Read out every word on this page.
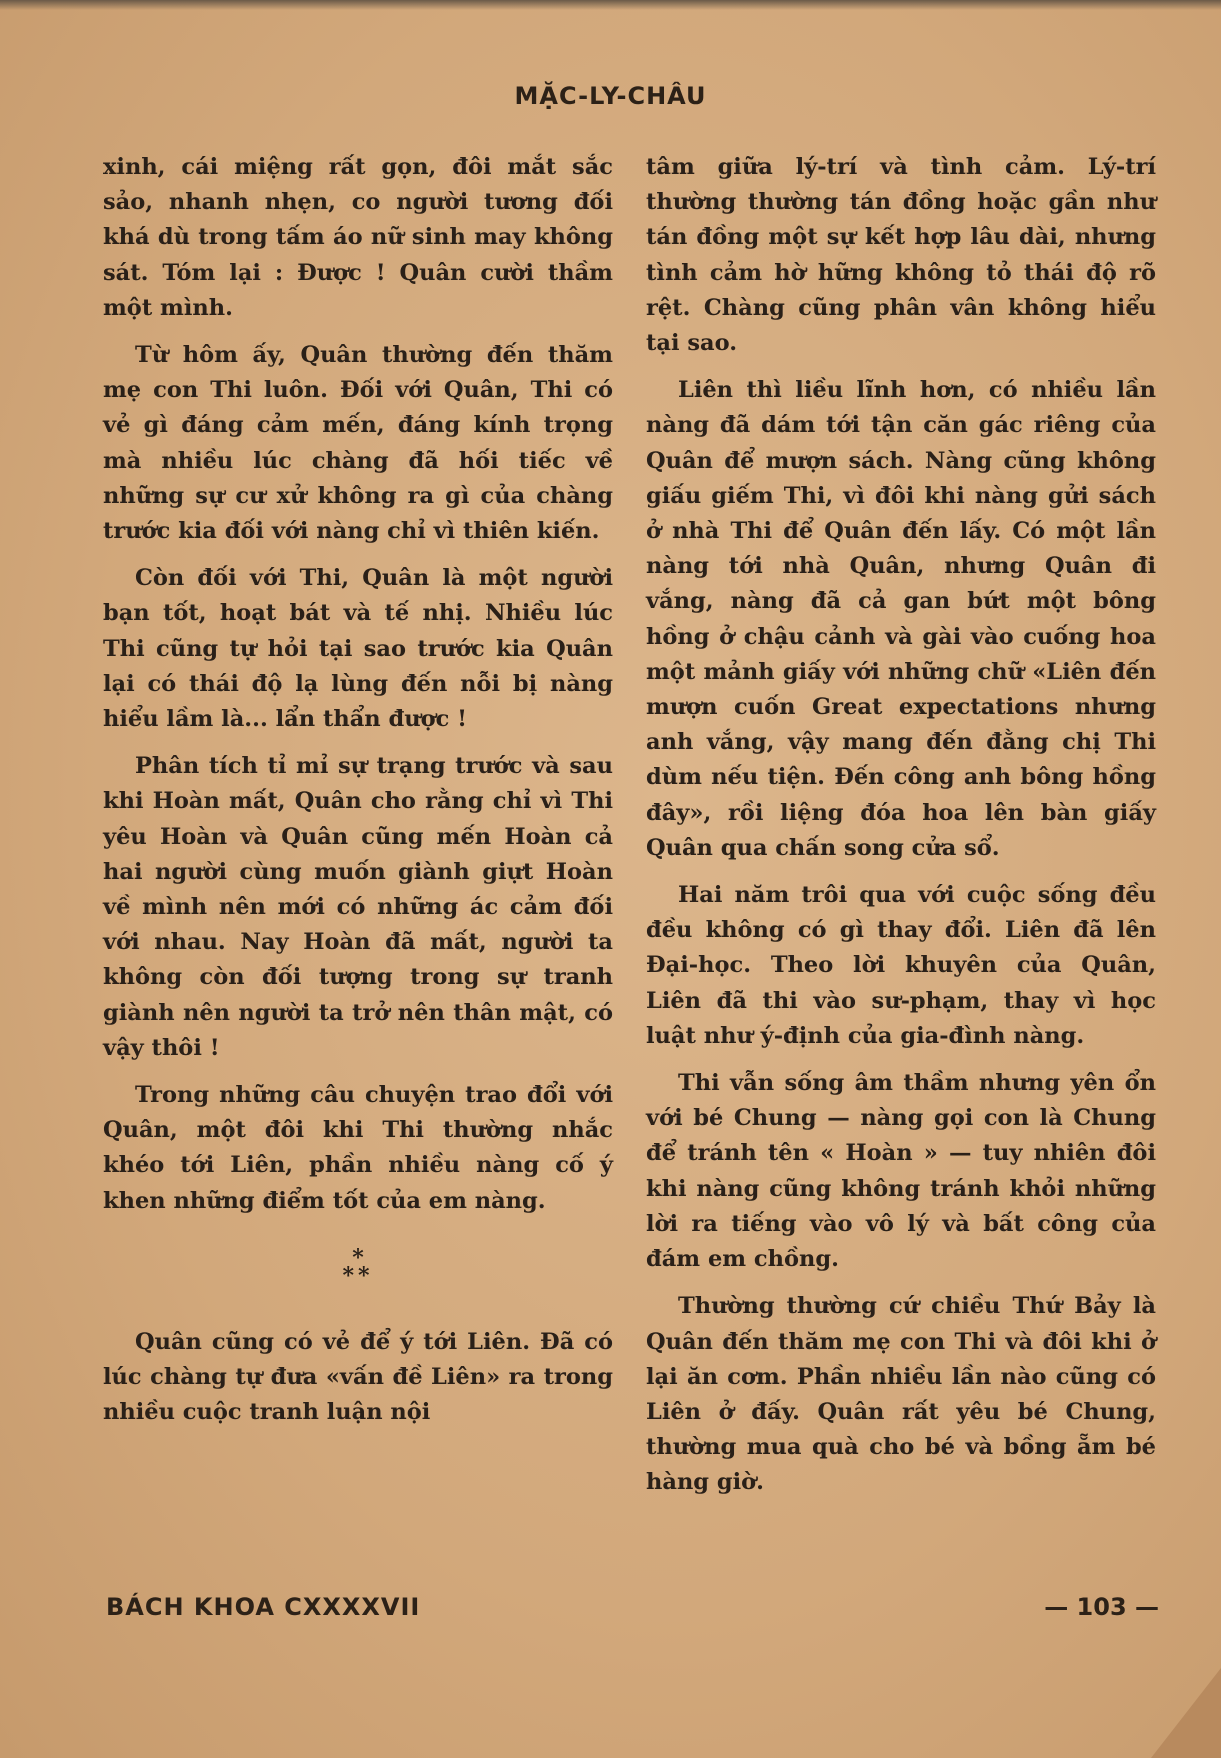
MẶC-LY-CHÂU

xinh, cái miệng rất gọn, đôi mắt sắc sảo, nhanh nhẹn, co người tương đối khá dù trong tấm áo nữ sinh may không sát. Tóm lại : Được ! Quân cười thầm một mình.

Từ hôm ấy, Quân thường đến thăm mẹ con Thi luôn. Đối với Quân, Thi có vẻ gì đáng cảm mến, đáng kính trọng mà nhiều lúc chàng đã hối tiếc về những sự cư xử không ra gì của chàng trước kia đối với nàng chỉ vì thiên kiến.

Còn đối với Thi, Quân là một người bạn tốt, hoạt bát và tế nhị. Nhiều lúc Thi cũng tự hỏi tại sao trước kia Quân lại có thái độ lạ lùng đến nỗi bị nàng hiểu lầm là... lẩn thẩn được !

Phân tích tỉ mỉ sự trạng trước và sau khi Hoàn mất, Quân cho rằng chỉ vì Thi yêu Hoàn và Quân cũng mến Hoàn cả hai người cùng muốn giành giựt Hoàn về mình nên mới có những ác cảm đối với nhau. Nay Hoàn đã mất, người ta không còn đối tượng trong sự tranh giành nên người ta trở nên thân mật, có vậy thôi !

Trong những câu chuyện trao đổi với Quân, một đôi khi Thi thường nhắc khéo tới Liên, phần nhiều nàng cố ý khen những điểm tốt của em nàng.

*
**

Quân cũng có vẻ để ý tới Liên. Đã có lúc chàng tự đưa «vấn đề Liên» ra trong nhiều cuộc tranh luận nội

tâm giữa lý-trí và tình cảm. Lý-trí thường thường tán đồng hoặc gần như tán đồng một sự kết hợp lâu dài, nhưng tình cảm hờ hững không tỏ thái độ rõ rệt. Chàng cũng phân vân không hiểu tại sao.

Liên thì liều lĩnh hơn, có nhiều lần nàng đã dám tới tận căn gác riêng của Quân để mượn sách. Nàng cũng không giấu giếm Thi, vì đôi khi nàng gửi sách ở nhà Thi để Quân đến lấy. Có một lần nàng tới nhà Quân, nhưng Quân đi vắng, nàng đã cả gan bứt một bông hồng ở chậu cảnh và gài vào cuống hoa một mảnh giấy với những chữ «Liên đến mượn cuốn Great expectations nhưng anh vắng, vậy mang đến đằng chị Thi dùm nếu tiện. Đến công anh bông hồng đây», rồi liệng đóa hoa lên bàn giấy Quân qua chấn song cửa sổ.

Hai năm trôi qua với cuộc sống đều đều không có gì thay đổi. Liên đã lên Đại-học. Theo lời khuyên của Quân, Liên đã thi vào sư-phạm, thay vì học luật như ý-định của gia-đình nàng.

Thi vẫn sống âm thầm nhưng yên ổn với bé Chung — nàng gọi con là Chung để tránh tên « Hoàn » — tuy nhiên đôi khi nàng cũng không tránh khỏi những lời ra tiếng vào vô lý và bất công của đám em chồng.

Thường thường cứ chiều Thứ Bảy là Quân đến thăm mẹ con Thi và đôi khi ở lại ăn cơm. Phần nhiều lần nào cũng có Liên ở đấy. Quân rất yêu bé Chung, thường mua quà cho bé và bồng ẵm bé hàng giờ.

BÁCH KHOA CXXXXVII	— 103 —
